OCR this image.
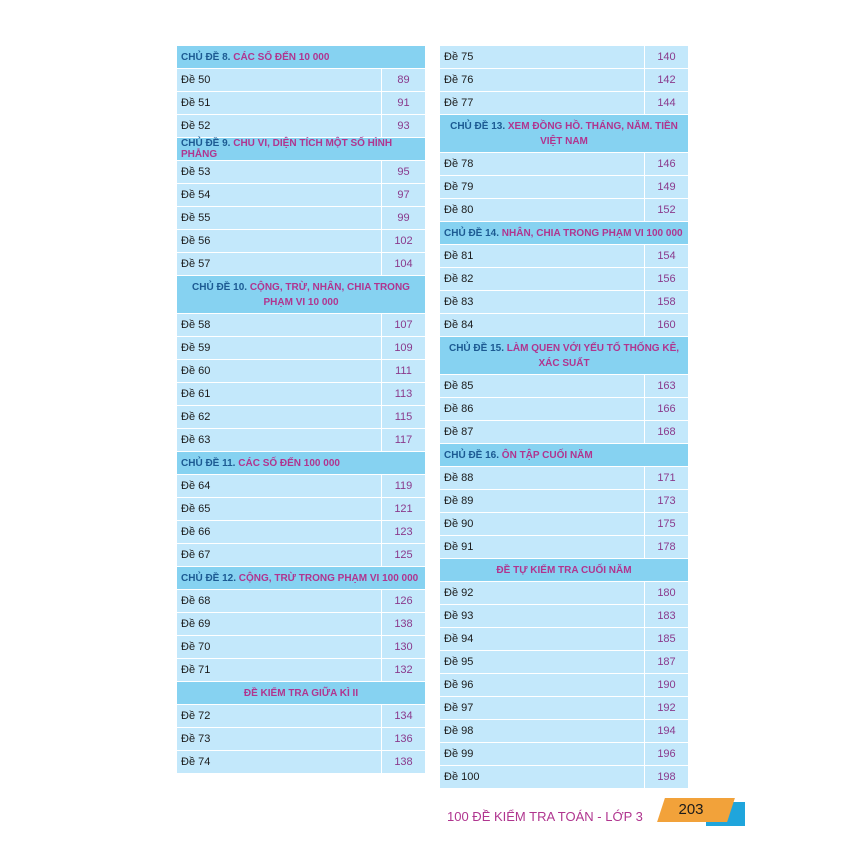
CHỦ ĐỀ 8. CÁC SỐ ĐẾN 10 000
Đề 50	89
Đề 51	91
Đề 52	93
CHỦ ĐỀ 9. CHU VI, DIỆN TÍCH MỘT SỐ HÌNH PHẲNG
Đề 53	95
Đề 54	97
Đề 55	99
Đề 56	102
Đề 57	104
CHỦ ĐỀ 10. CỘNG, TRỪ, NHÂN, CHIA TRONG PHẠM VI 10 000
Đề 58	107
Đề 59	109
Đề 60	111
Đề 61	113
Đề 62	115
Đề 63	117
CHỦ ĐỀ 11. CÁC SỐ ĐẾN 100 000
Đề 64	119
Đề 65	121
Đề 66	123
Đề 67	125
CHỦ ĐỀ 12. CỘNG, TRỪ TRONG PHẠM VI 100 000
Đề 68	126
Đề 69	138
Đề 70	130
Đề 71	132
ĐỀ KIỂM TRA GIỮA KÌ II
Đề 72	134
Đề 73	136
Đề 74	138
Đề 75	140
Đề 76	142
Đề 77	144
CHỦ ĐỀ 13. XEM ĐỒNG HỒ. THÁNG, NĂM. TIỀN VIỆT NAM
Đề 78	146
Đề 79	149
Đề 80	152
CHỦ ĐỀ 14. NHÂN, CHIA TRONG PHẠM VI 100 000
Đề 81	154
Đề 82	156
Đề 83	158
Đề 84	160
CHỦ ĐỀ 15. LÀM QUEN VỚI YẾU TỐ THỐNG KÊ, XÁC SUẤT
Đề 85	163
Đề 86	166
Đề 87	168
CHỦ ĐỀ 16. ÔN TẬP CUỐI NĂM
Đề 88	171
Đề 89	173
Đề 90	175
Đề 91	178
ĐỀ TỰ KIỂM TRA CUỐI NĂM
Đề 92	180
Đề 93	183
Đề 94	185
Đề 95	187
Đề 96	190
Đề 97	192
Đề 98	194
Đề 99	196
Đề 100	198
203
100 ĐỀ KIỂM TRA TOÁN - LỚP 3
